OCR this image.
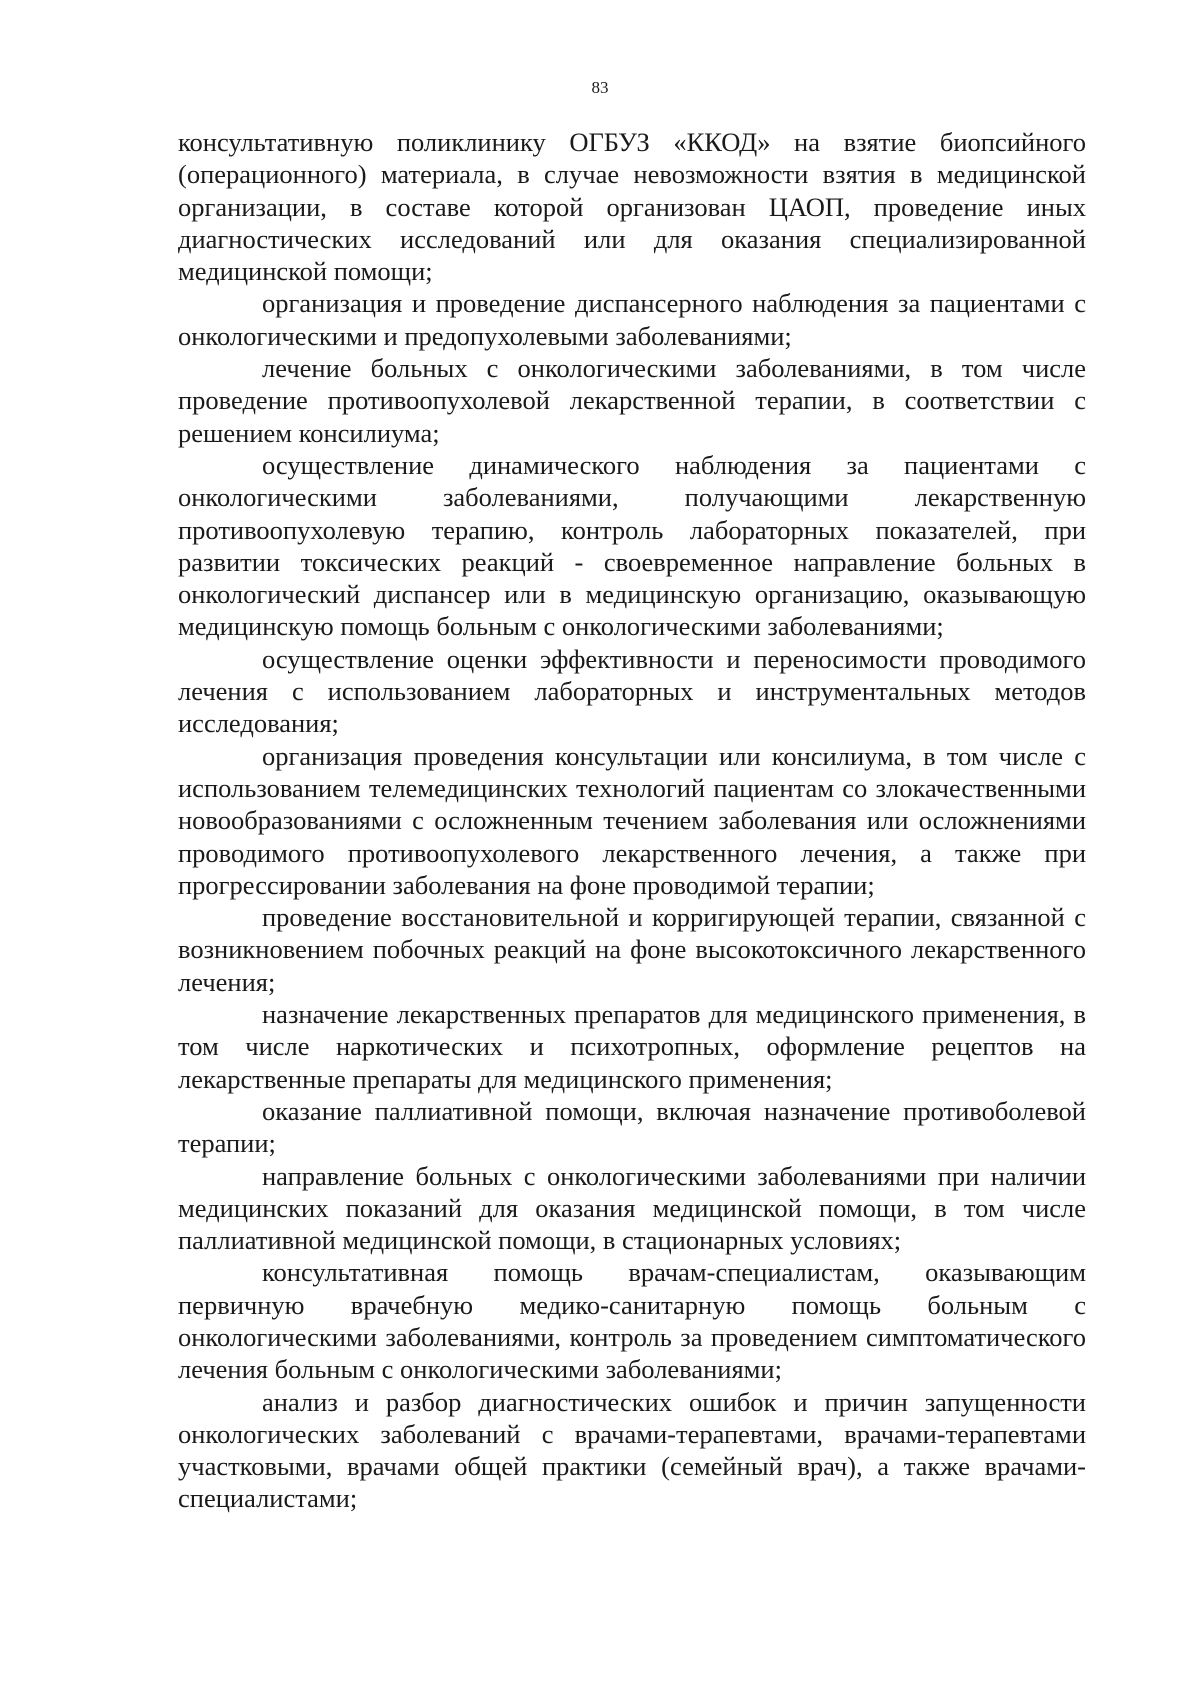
83

консультативную поликлинику ОГБУЗ «ККОД» на взятие биопсийного (операционного) материала, в случае невозможности взятия в медицинской организации, в составе которой организован ЦАОП, проведение иных диагностических исследований или для оказания специализированной медицинской помощи;

организация и проведение диспансерного наблюдения за пациентами с онкологическими и предопухолевыми заболеваниями;

лечение больных с онкологическими заболеваниями, в том числе проведение противоопухолевой лекарственной терапии, в соответствии с решением консилиума;

осуществление динамического наблюдения за пациентами с онкологическими заболеваниями, получающими лекарственную противоопухолевую терапию, контроль лабораторных показателей, при развитии токсических реакций - своевременное направление больных в онкологический диспансер или в медицинскую организацию, оказывающую медицинскую помощь больным с онкологическими заболеваниями;

осуществление оценки эффективности и переносимости проводимого лечения с использованием лабораторных и инструментальных методов исследования;

организация проведения консультации или консилиума, в том числе с использованием телемедицинских технологий пациентам со злокачественными новообразованиями с осложненным течением заболевания или осложнениями проводимого противоопухолевого лекарственного лечения, а также при прогрессировании заболевания на фоне проводимой терапии;

проведение восстановительной и корригирующей терапии, связанной с возникновением побочных реакций на фоне высокотоксичного лекарственного лечения;

назначение лекарственных препаратов для медицинского применения, в том числе наркотических и психотропных, оформление рецептов на лекарственные препараты для медицинского применения;

оказание паллиативной помощи, включая назначение противоболевой терапии;

направление больных с онкологическими заболеваниями при наличии медицинских показаний для оказания медицинской помощи, в том числе паллиативной медицинской помощи, в стационарных условиях;

консультативная помощь врачам-специалистам, оказывающим первичную врачебную медико-санитарную помощь больным с онкологическими заболеваниями, контроль за проведением симптоматического лечения больным с онкологическими заболеваниями;

анализ и разбор диагностических ошибок и причин запущенности онкологических заболеваний с врачами-терапевтами, врачами-терапевтами участковыми, врачами общей практики (семейный врач), а также врачами-специалистами;
